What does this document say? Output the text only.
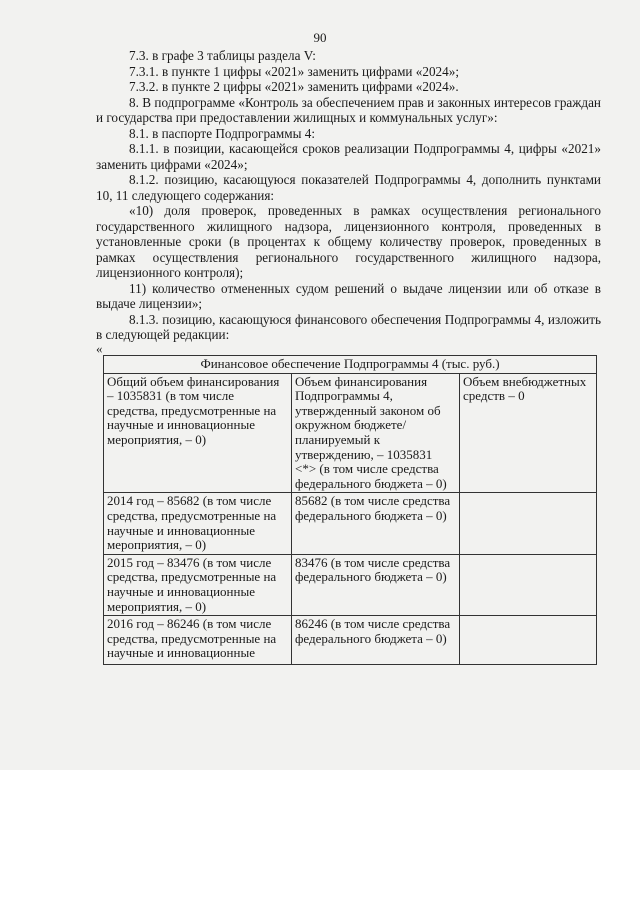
90

7.3. в графе 3 таблицы раздела V:

7.3.1. в пункте 1 цифры «2021» заменить цифрами «2024»;

7.3.2. в пункте 2 цифры «2021» заменить цифрами «2024».

8. В подпрограмме «Контроль за обеспечением прав и законных интересов граждан и государства при предоставлении жилищных и коммунальных услуг»:

8.1. в паспорте Подпрограммы 4:

8.1.1. в позиции, касающейся сроков реализации Подпрограммы 4, цифры «2021» заменить цифрами «2024»;

8.1.2. позицию, касающуюся показателей Подпрограммы 4, дополнить пунктами 10, 11 следующего содержания:

«10) доля проверок, проведенных в рамках осуществления регионального государственного жилищного надзора, лицензионного контроля, проведенных в установленные сроки (в процентах к общему количеству проверок, проведенных в рамках осуществления регионального государственного жилищного надзора, лицензионного контроля);

11) количество отмененных судом решений о выдаче лицензии или об отказе в выдаче лицензии»;

8.1.3. позицию, касающуюся финансового обеспечения Подпрограммы 4, изложить в следующей редакции:

«
Финансовое обеспечение Подпрограммы 4 (тыс. руб.)		
Общий объем финансирования – 1035831 (в том числе средства, предусмотренные на научные и инновационные мероприятия, – 0)	Объем финансирования Подпрограммы 4, утвержденный законом об окружном бюджете/планируемый к утверждению, – 1035831 <*> (в том числе средства федерального бюджета – 0)	Объем внебюджетных средств – 0
2014 год – 85682 (в том числе средства, предусмотренные на научные и инновационные мероприятия, – 0)	85682 (в том числе средства федерального бюджета – 0)	
2015 год – 83476 (в том числе средства, предусмотренные на научные и инновационные мероприятия, – 0)	83476 (в том числе средства федерального бюджета – 0)	
2016 год – 86246 (в том числе средства, предусмотренные на научные и инновационные	86246 (в том числе средства федерального бюджета – 0)	
